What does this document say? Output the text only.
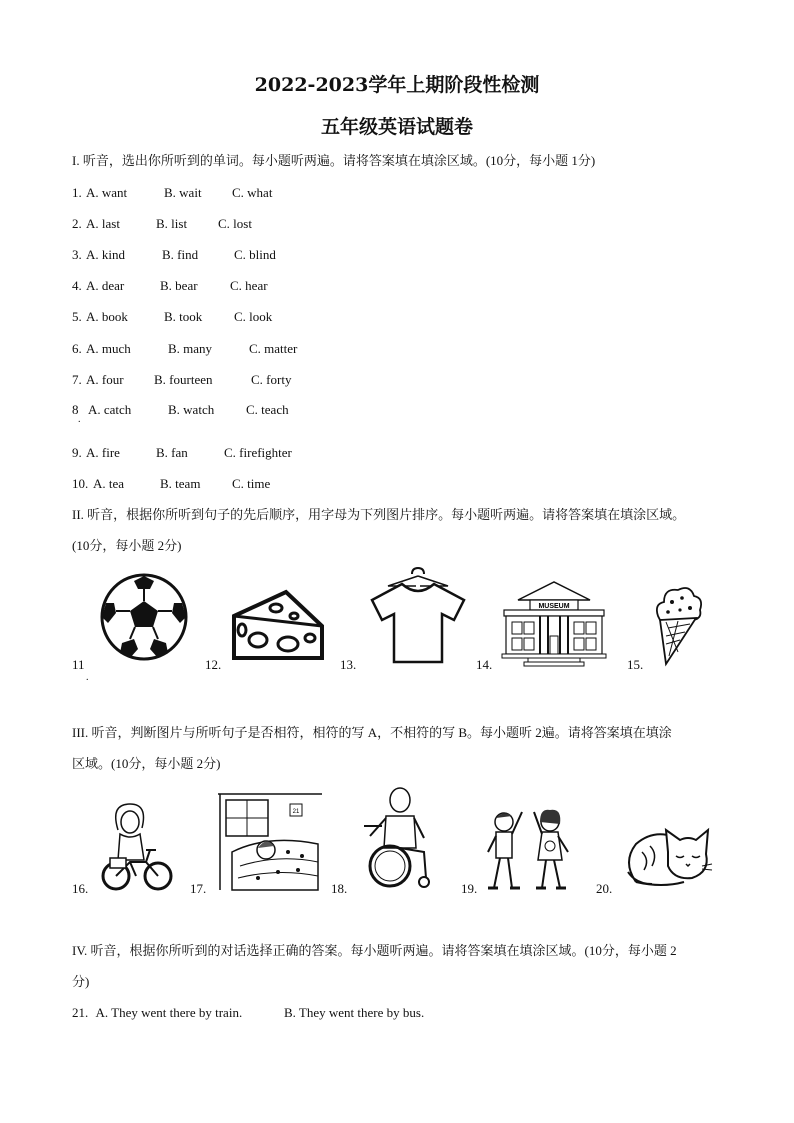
2022-2023学年上期阶段性检测
五年级英语试题卷
I. 听音，选出你所听到的单词。每小题听两遍。请将答案填在填涂区域。(10分，每小题 1分)
1. A. want	B. wait C. what
2. A. last	B. list C. lost
3. A. kind	B. find	C. blind
4. A. dear	B. bear C. hear
5. A. book	B. took C. look
6. A. much	B. many	C. matter
7. A. four B. fourteen	C. forty
8 A. catch	B. watch C. teach
9. A. fire	B. fan	C. firefighter
10. A. tea	B. team C. time
II. 听音，根据你所听到句子的先后顺序，用字母为下列图片排序。每小题听两遍。请将答案填在填涂区域。
(10分，每小题 2分)
11
.
12.	13.	14.
MUSEUM
15.
III. 听音，判断图片与所听句子是否相符，相符的写 A，不相符的写 B。每小题听 2遍。请将答案填在填涂
区域。(10分，每小题 2分)
16.	17.
21
18.	19.	20.
IV. 听音，根据你所听到的对话选择正确的答案。每小题听两遍。请将答案填在填涂区域。(10分，每小题 2
分)
21. A. They went there by train.	B. They went there by bus.
.
